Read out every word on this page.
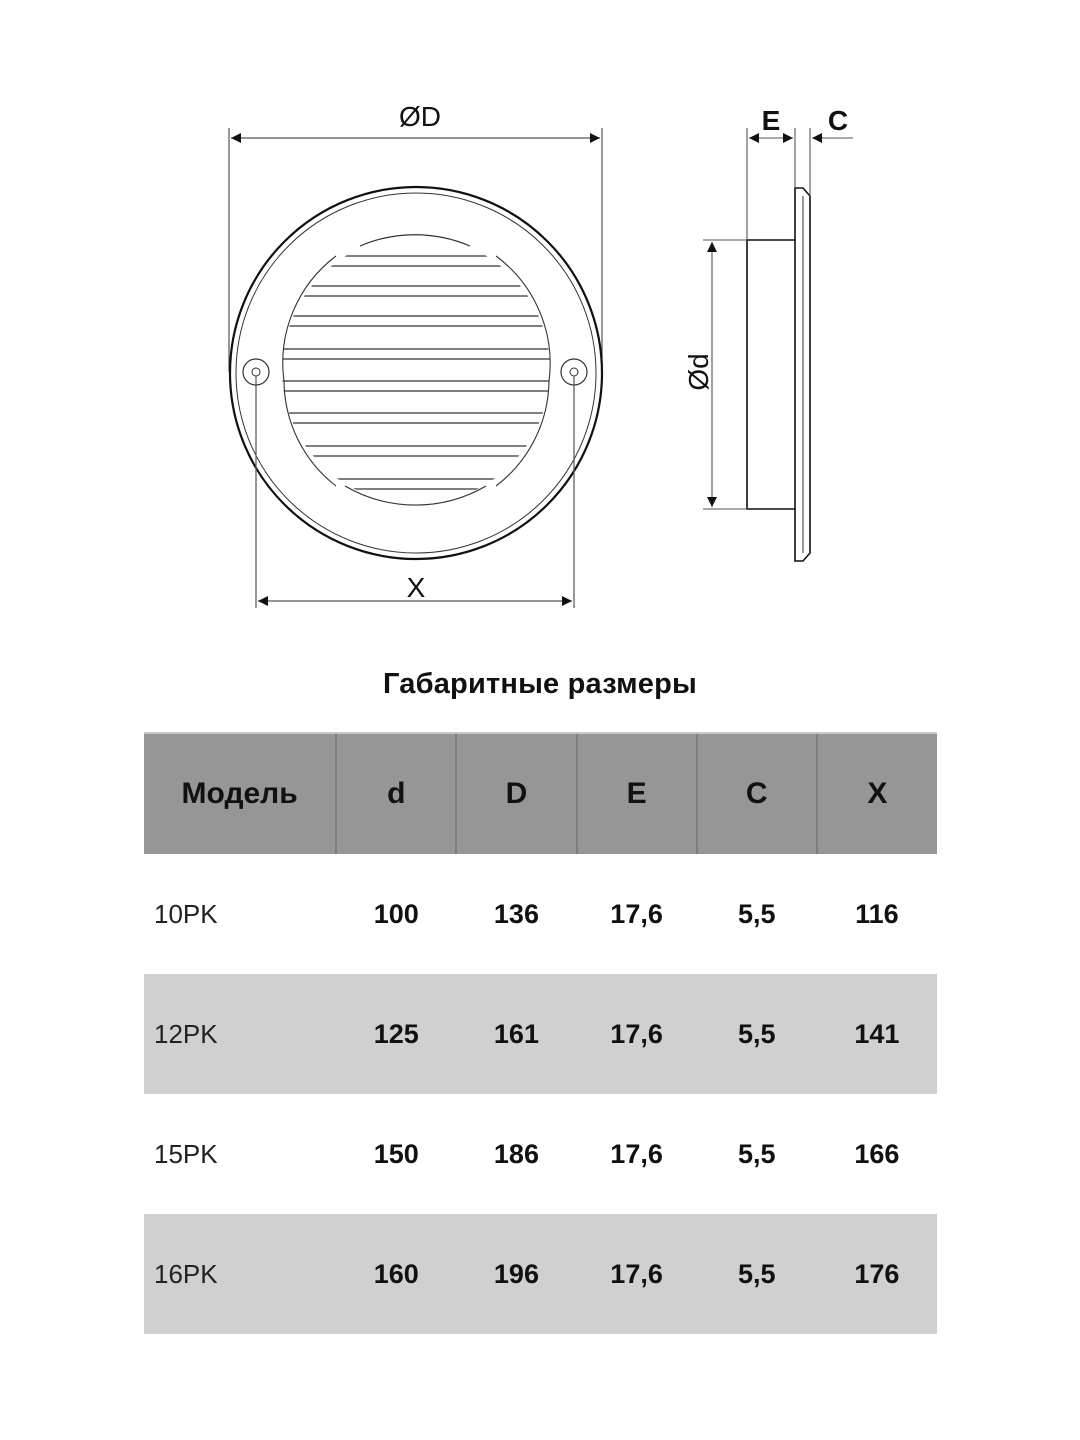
ØD
X
E C
Ød
Габаритные размеры
Модель	d	D	E	C	X
10PK	100	136	17,6	5,5	116
12PK	125	161	17,6	5,5	141
15PK	150	186	17,6	5,5	166
16PK	160	196	17,6	5,5	176
